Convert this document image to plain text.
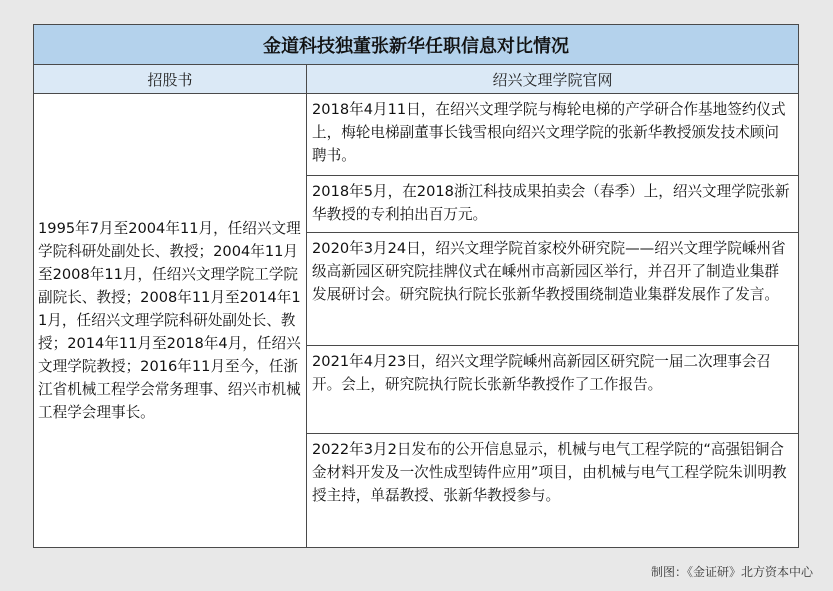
金道科技独董张新华任职信息对比情况
招股书	绍兴文理学院官网
1995年7月至2004年11月，任绍兴文理学院科研处副处长、教授；2004年11月至2008年11月，任绍兴文理学院工学院副院长、教授；2008年11月至2014年11月，任绍兴文理学院科研处副处长、教授；2014年11月至2018年4月，任绍兴文理学院教授；2016年11月至今，任浙江省机械工程学会常务理事、绍兴市机械工程学会理事长。
2018年4月11日，在绍兴文理学院与梅轮电梯的产学研合作基地签约仪式上，梅轮电梯副董事长钱雪根向绍兴文理学院的张新华教授颁发技术顾问聘书。
2018年5月，在2018浙江科技成果拍卖会（春季）上，绍兴文理学院张新华教授的专利拍出百万元。
2020年3月24日，绍兴文理学院首家校外研究院——绍兴文理学院嵊州省级高新园区研究院挂牌仪式在嵊州市高新园区举行，并召开了制造业集群发展研讨会。研究院执行院长张新华教授围绕制造业集群发展作了发言。
2021年4月23日，绍兴文理学院嵊州高新园区研究院一届二次理事会召开。会上，研究院执行院长张新华教授作了工作报告。
2022年3月2日发布的公开信息显示，机械与电气工程学院的“高强铝铜合金材料开发及一次性成型铸件应用”项目，由机械与电气工程学院朱训明教授主持，单磊教授、张新华教授参与。
制图：《金证研》北方资本中心
